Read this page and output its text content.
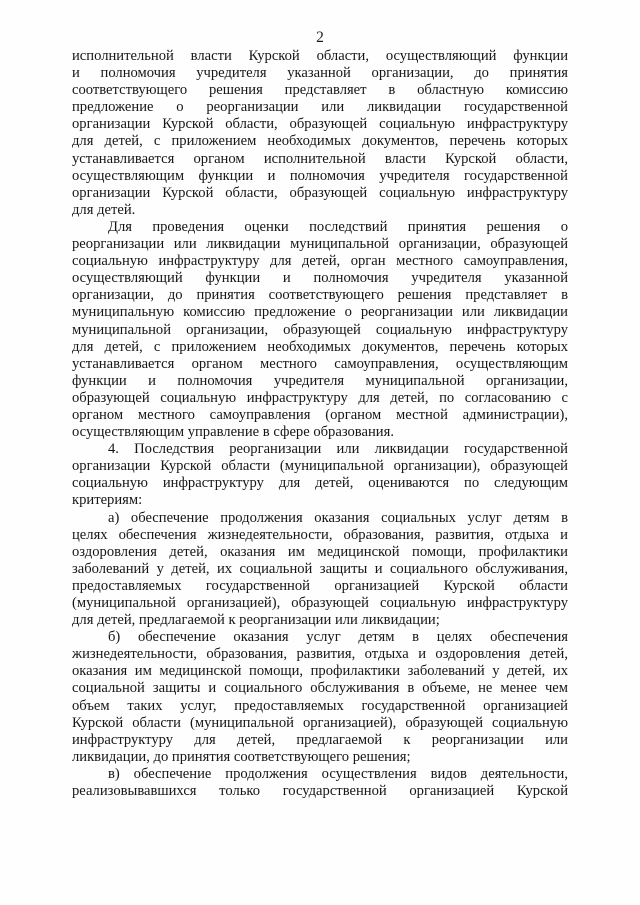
2
исполнительной власти Курской области, осуществляющий функции
и полномочия учредителя указанной организации, до принятия
соответствующего решения представляет в областную комиссию
предложение о реорганизации или ликвидации государственной
организации Курской области, образующей социальную инфраструктуру
для детей, с приложением необходимых документов, перечень которых
устанавливается органом исполнительной власти Курской области,
осуществляющим функции и полномочия учредителя государственной
организации Курской области, образующей социальную инфраструктуру
для детей.
Для проведения оценки последствий принятия решения о
реорганизации или ликвидации муниципальной организации, образующей
социальную инфраструктуру для детей, орган местного самоуправления,
осуществляющий функции и полномочия учредителя указанной
организации, до принятия соответствующего решения представляет в
муниципальную комиссию предложение о реорганизации или ликвидации
муниципальной организации, образующей социальную инфраструктуру
для детей, с приложением необходимых документов, перечень которых
устанавливается органом местного самоуправления, осуществляющим
функции и полномочия учредителя муниципальной организации,
образующей социальную инфраструктуру для детей, по согласованию с
органом местного самоуправления (органом местной администрации),
осуществляющим управление в сфере образования.
4. Последствия реорганизации или ликвидации государственной
организации Курской области (муниципальной организации), образующей
социальную инфраструктуру для детей, оцениваются по следующим
критериям:
а) обеспечение продолжения оказания социальных услуг детям в
целях обеспечения жизнедеятельности, образования, развития, отдыха и
оздоровления детей, оказания им медицинской помощи, профилактики
заболеваний у детей, их социальной защиты и социального обслуживания,
предоставляемых государственной организацией Курской области
(муниципальной организацией), образующей социальную инфраструктуру
для детей, предлагаемой к реорганизации или ликвидации;
б) обеспечение оказания услуг детям в целях обеспечения
жизнедеятельности, образования, развития, отдыха и оздоровления детей,
оказания им медицинской помощи, профилактики заболеваний у детей, их
социальной защиты и социального обслуживания в объеме, не менее чем
объем таких услуг, предоставляемых государственной организацией
Курской области (муниципальной организацией), образующей социальную
инфраструктуру для детей, предлагаемой к реорганизации или
ликвидации, до принятия соответствующего решения;
в) обеспечение продолжения осуществления видов деятельности,
реализовывавшихся только государственной организацией Курской
